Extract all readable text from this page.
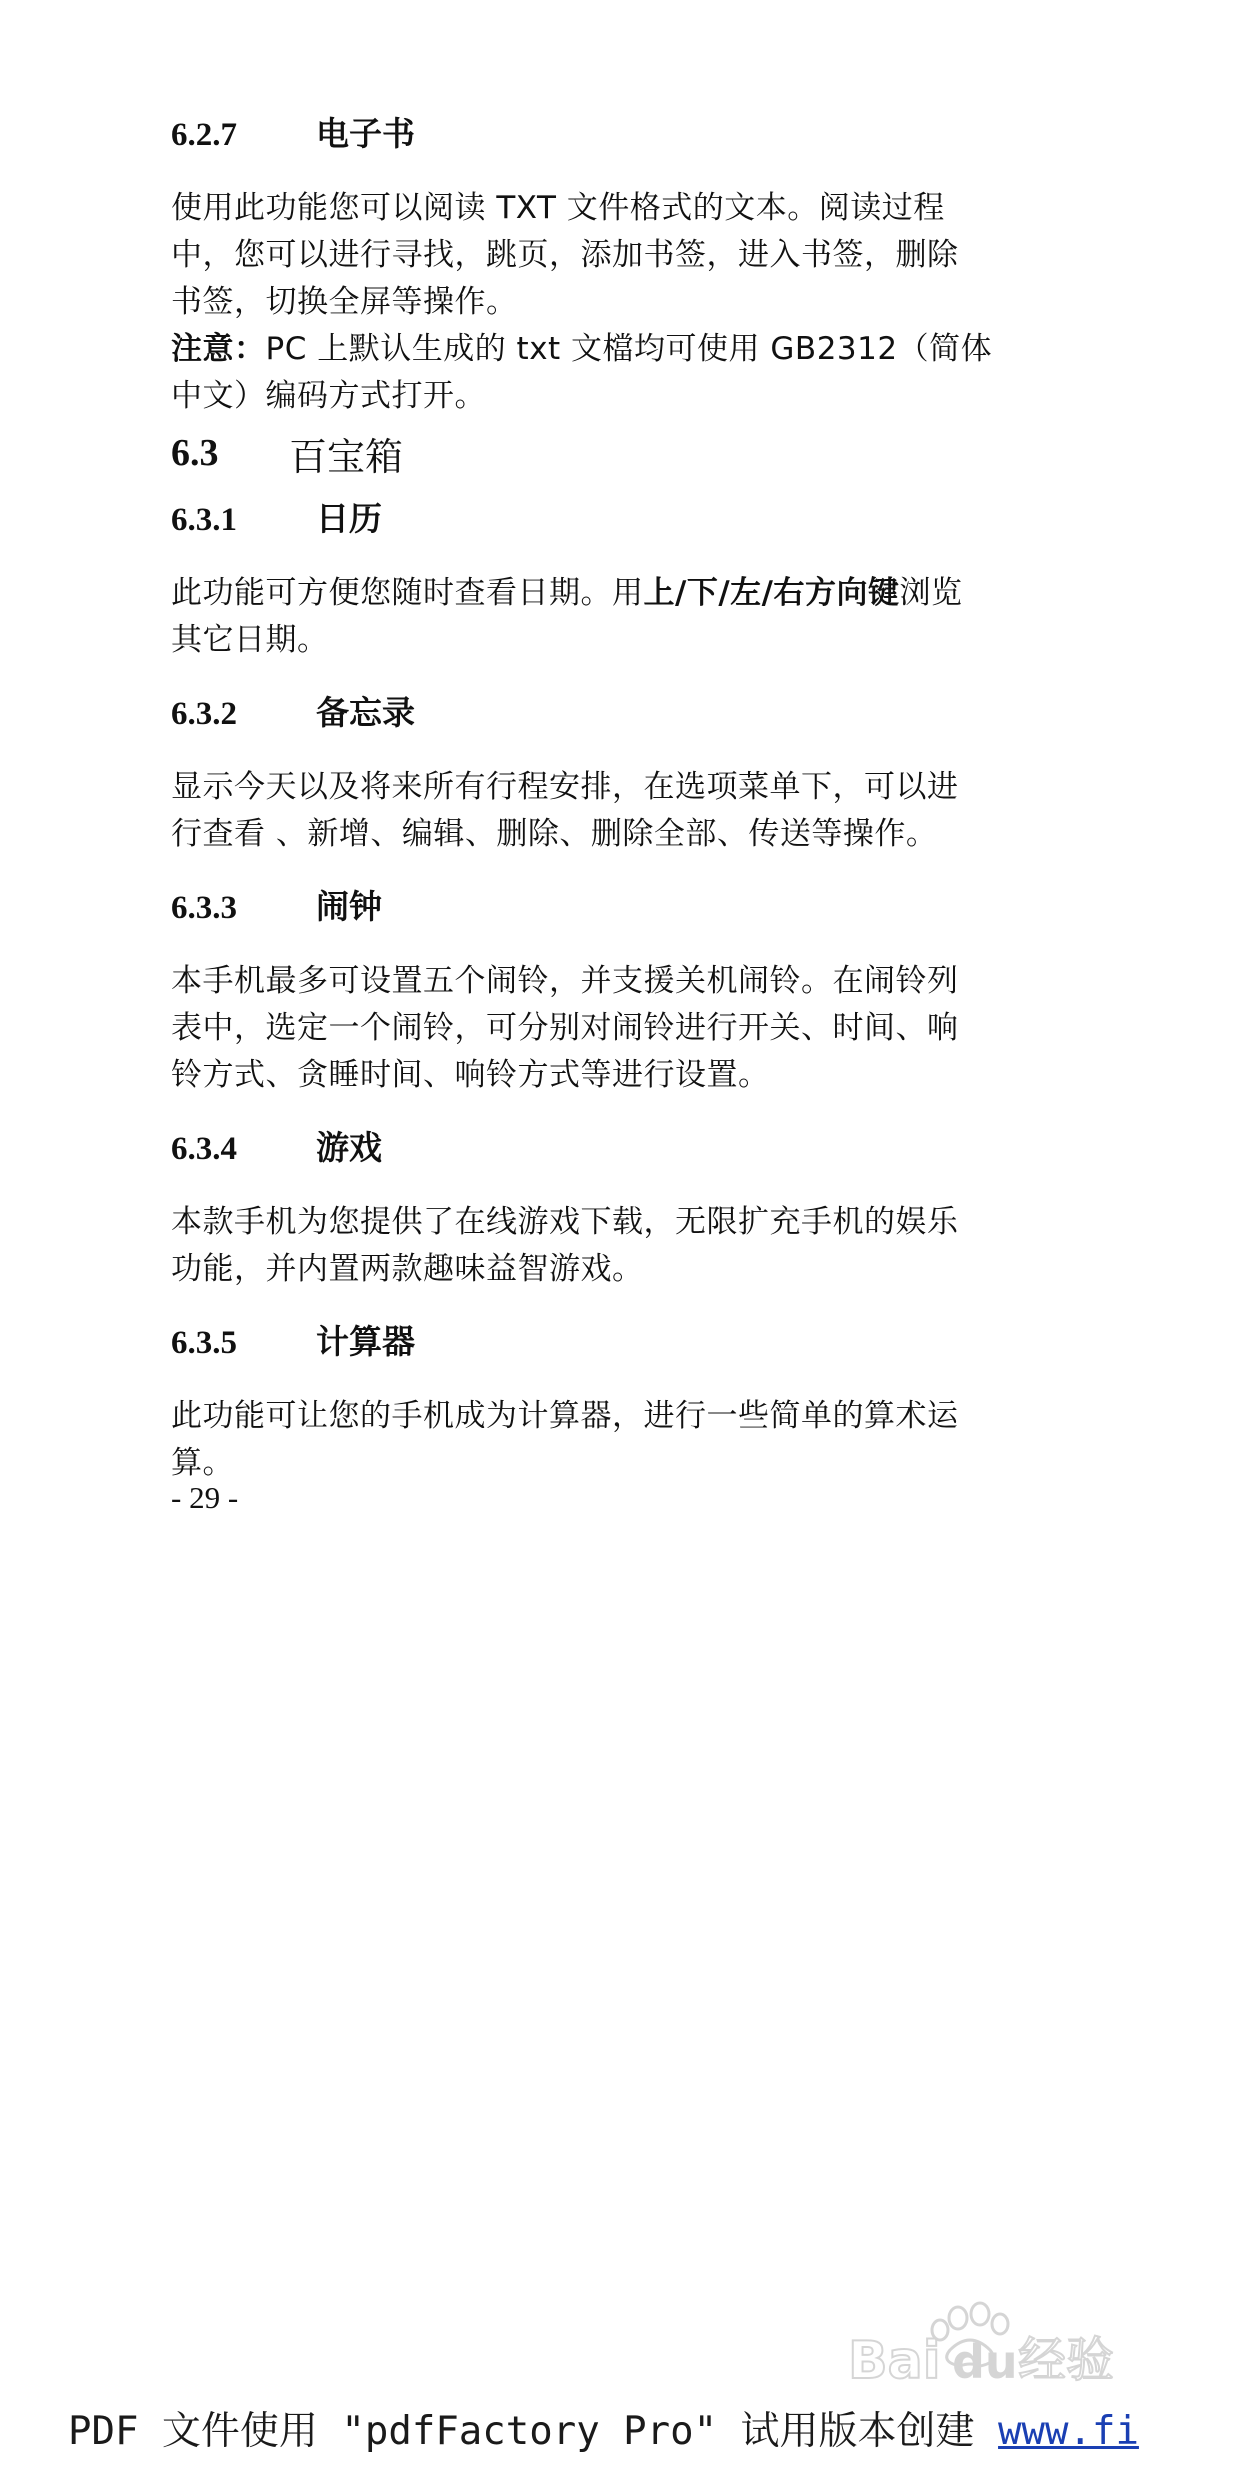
6.2.7	电子书

使用此功能您可以阅读 TXT 文件格式的文本。阅读过程
中，您可以进行寻找，跳页，添加书签，进入书签，删除
书签，切换全屏等操作。
注意：PC 上默认生成的 txt 文檔均可使用 GB2312（简体
中文）编码方式打开。

6.3	百宝箱
6.3.1	日历

此功能可方便您随时查看日期。用上/下/左/右方向键浏览
其它日期。

6.3.2	备忘录

显示今天以及将来所有行程安排，在选项菜单下，可以进
行查看 、新增、编辑、删除、删除全部、传送等操作。

6.3.3	闹钟

本手机最多可设置五个闹铃，并支援关机闹铃。在闹铃列
表中，选定一个闹铃，可分别对闹铃进行开关、时间、响
铃方式、贪睡时间、响铃方式等进行设置。

6.3.4	游戏

本款手机为您提供了在线游戏下载，无限扩充手机的娱乐
功能，并内置两款趣味益智游戏。

6.3.5	计算器

此功能可让您的手机成为计算器，进行一些简单的算术运
算。

- 29 -
Bai du 经验
PDF 文件使用 "pdfFactory Pro" 试用版本创建 www.fi
